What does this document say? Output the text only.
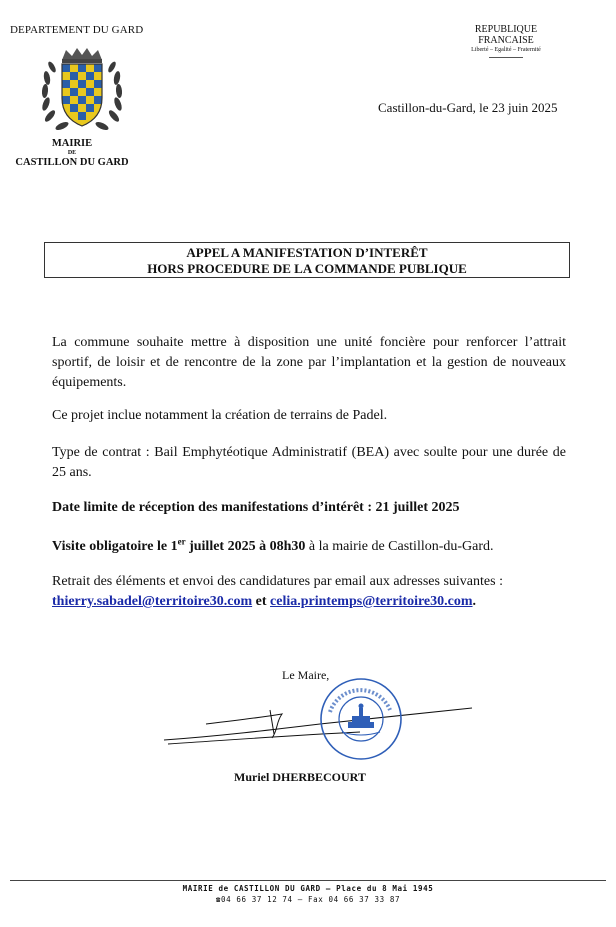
DEPARTEMENT DU GARD
MAIRIE
DE
CASTILLON DU GARD
REPUBLIQUE FRANCAISE
Liberté – Egalité – Fraternité
Castillon-du-Gard, le 23 juin 2025
APPEL A MANIFESTATION D’INTERÊT
HORS PROCEDURE DE LA COMMANDE PUBLIQUE
La commune souhaite mettre à disposition une unité foncière pour renforcer l’attrait sportif, de loisir et de rencontre de la zone par l’implantation et la gestion de nouveaux équipements.
Ce projet inclue notamment la création de terrains de Padel.
Type de contrat : Bail Emphytéotique Administratif (BEA) avec soulte pour une durée de 25 ans.
Date limite de réception des manifestations d’intérêt : 21 juillet 2025
Visite obligatoire le 1er juillet 2025 à 08h30 à la mairie de Castillon-du-Gard.
Retrait des éléments et envoi des candidatures par email aux adresses suivantes :
thierry.sabadel@territoire30.com et celia.printemps@territoire30.com.
Le Maire,
Muriel DHERBECOURT
MAIRIE de CASTILLON DU GARD – Place du 8 Mai 1945
☎04 66 37 12 74 – Fax 04 66 37 33 87
